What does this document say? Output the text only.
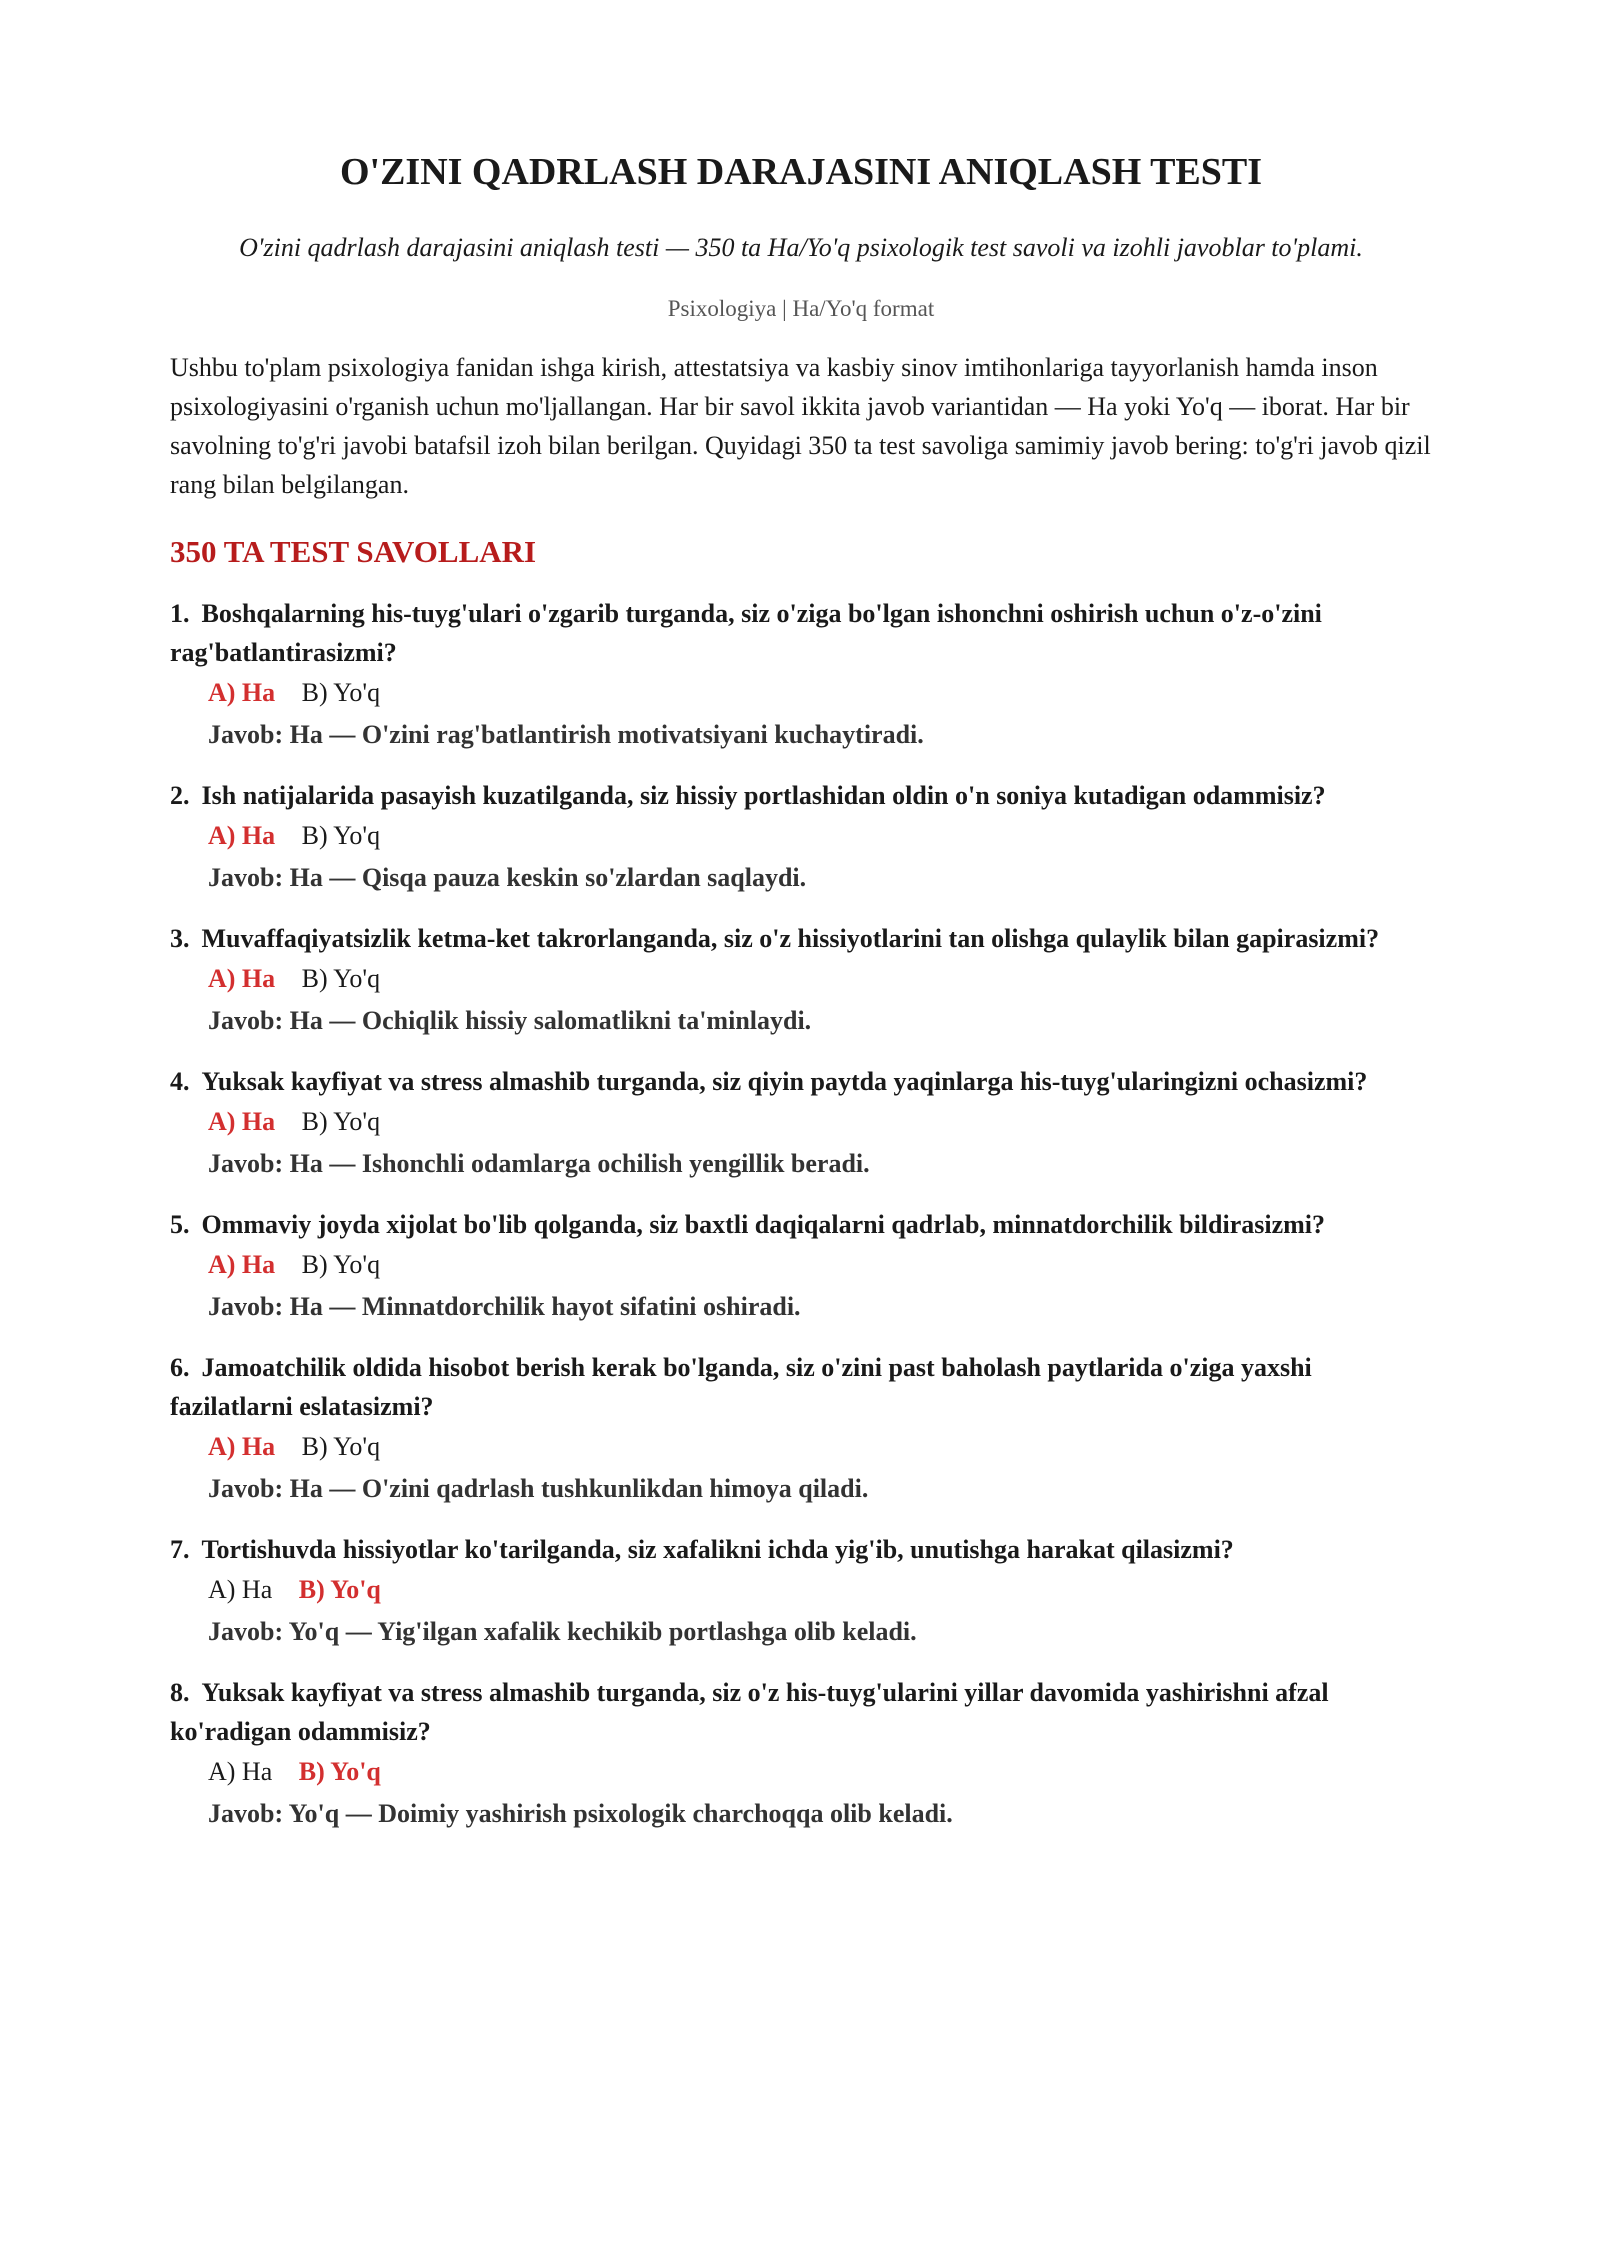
O'ZINI QADRLASH DARAJASINI ANIQLASH TESTI
O'zini qadrlash darajasini aniqlash testi — 350 ta Ha/Yo'q psixologik test savoli va izohli javoblar to'plami.
Psixologiya | Ha/Yo'q format

Ushbu to'plam psixologiya fanidan ishga kirish, attestatsiya va kasbiy sinov imtihonlariga tayyorlanish hamda inson psixologiyasini o'rganish uchun mo'ljallangan. Har bir savol ikkita javob variantidan — Ha yoki Yo'q — iborat. Har bir savolning to'g'ri javobi batafsil izoh bilan berilgan. Quyidagi 350 ta test savoliga samimiy javob bering: to'g'ri javob qizil rang bilan belgilangan.

350 TA TEST SAVOLLARI
1. Boshqalarning his-tuyg'ulari o'zgarib turganda, siz o'ziga bo'lgan ishonchni oshirish uchun o'z-o'zini rag'batlantirasizmi?
A) Ha B) Yo'q
Javob: Ha — O'zini rag'batlantirish motivatsiyani kuchaytiradi.
2. Ish natijalarida pasayish kuzatilganda, siz hissiy portlashidan oldin o'n soniya kutadigan odammisiz?
A) Ha B) Yo'q
Javob: Ha — Qisqa pauza keskin so'zlardan saqlaydi.
3. Muvaffaqiyatsizlik ketma-ket takrorlanganda, siz o'z hissiyotlarini tan olishga qulaylik bilan gapirasizmi?
A) Ha B) Yo'q
Javob: Ha — Ochiqlik hissiy salomatlikni ta'minlaydi.
4. Yuksak kayfiyat va stress almashib turganda, siz qiyin paytda yaqinlarga his-tuyg'ularingizni ochasizmi?
A) Ha B) Yo'q
Javob: Ha — Ishonchli odamlarga ochilish yengillik beradi.
5. Ommaviy joyda xijolat bo'lib qolganda, siz baxtli daqiqalarni qadrlab, minnatdorchilik bildirasizmi?
A) Ha B) Yo'q
Javob: Ha — Minnatdorchilik hayot sifatini oshiradi.
6. Jamoatchilik oldida hisobot berish kerak bo'lganda, siz o'zini past baholash paytlarida o'ziga yaxshi fazilatlarni eslatasizmi?
A) Ha B) Yo'q
Javob: Ha — O'zini qadrlash tushkunlikdan himoya qiladi.
7. Tortishuvda hissiyotlar ko'tarilganda, siz xafalikni ichda yig'ib, unutishga harakat qilasizmi?
A) Ha B) Yo'q
Javob: Yo'q — Yig'ilgan xafalik kechikib portlashga olib keladi.
8. Yuksak kayfiyat va stress almashib turganda, siz o'z his-tuyg'ularini yillar davomida yashirishni afzal ko'radigan odammisiz?
A) Ha B) Yo'q
Javob: Yo'q — Doimiy yashirish psixologik charchoqqa olib keladi.
